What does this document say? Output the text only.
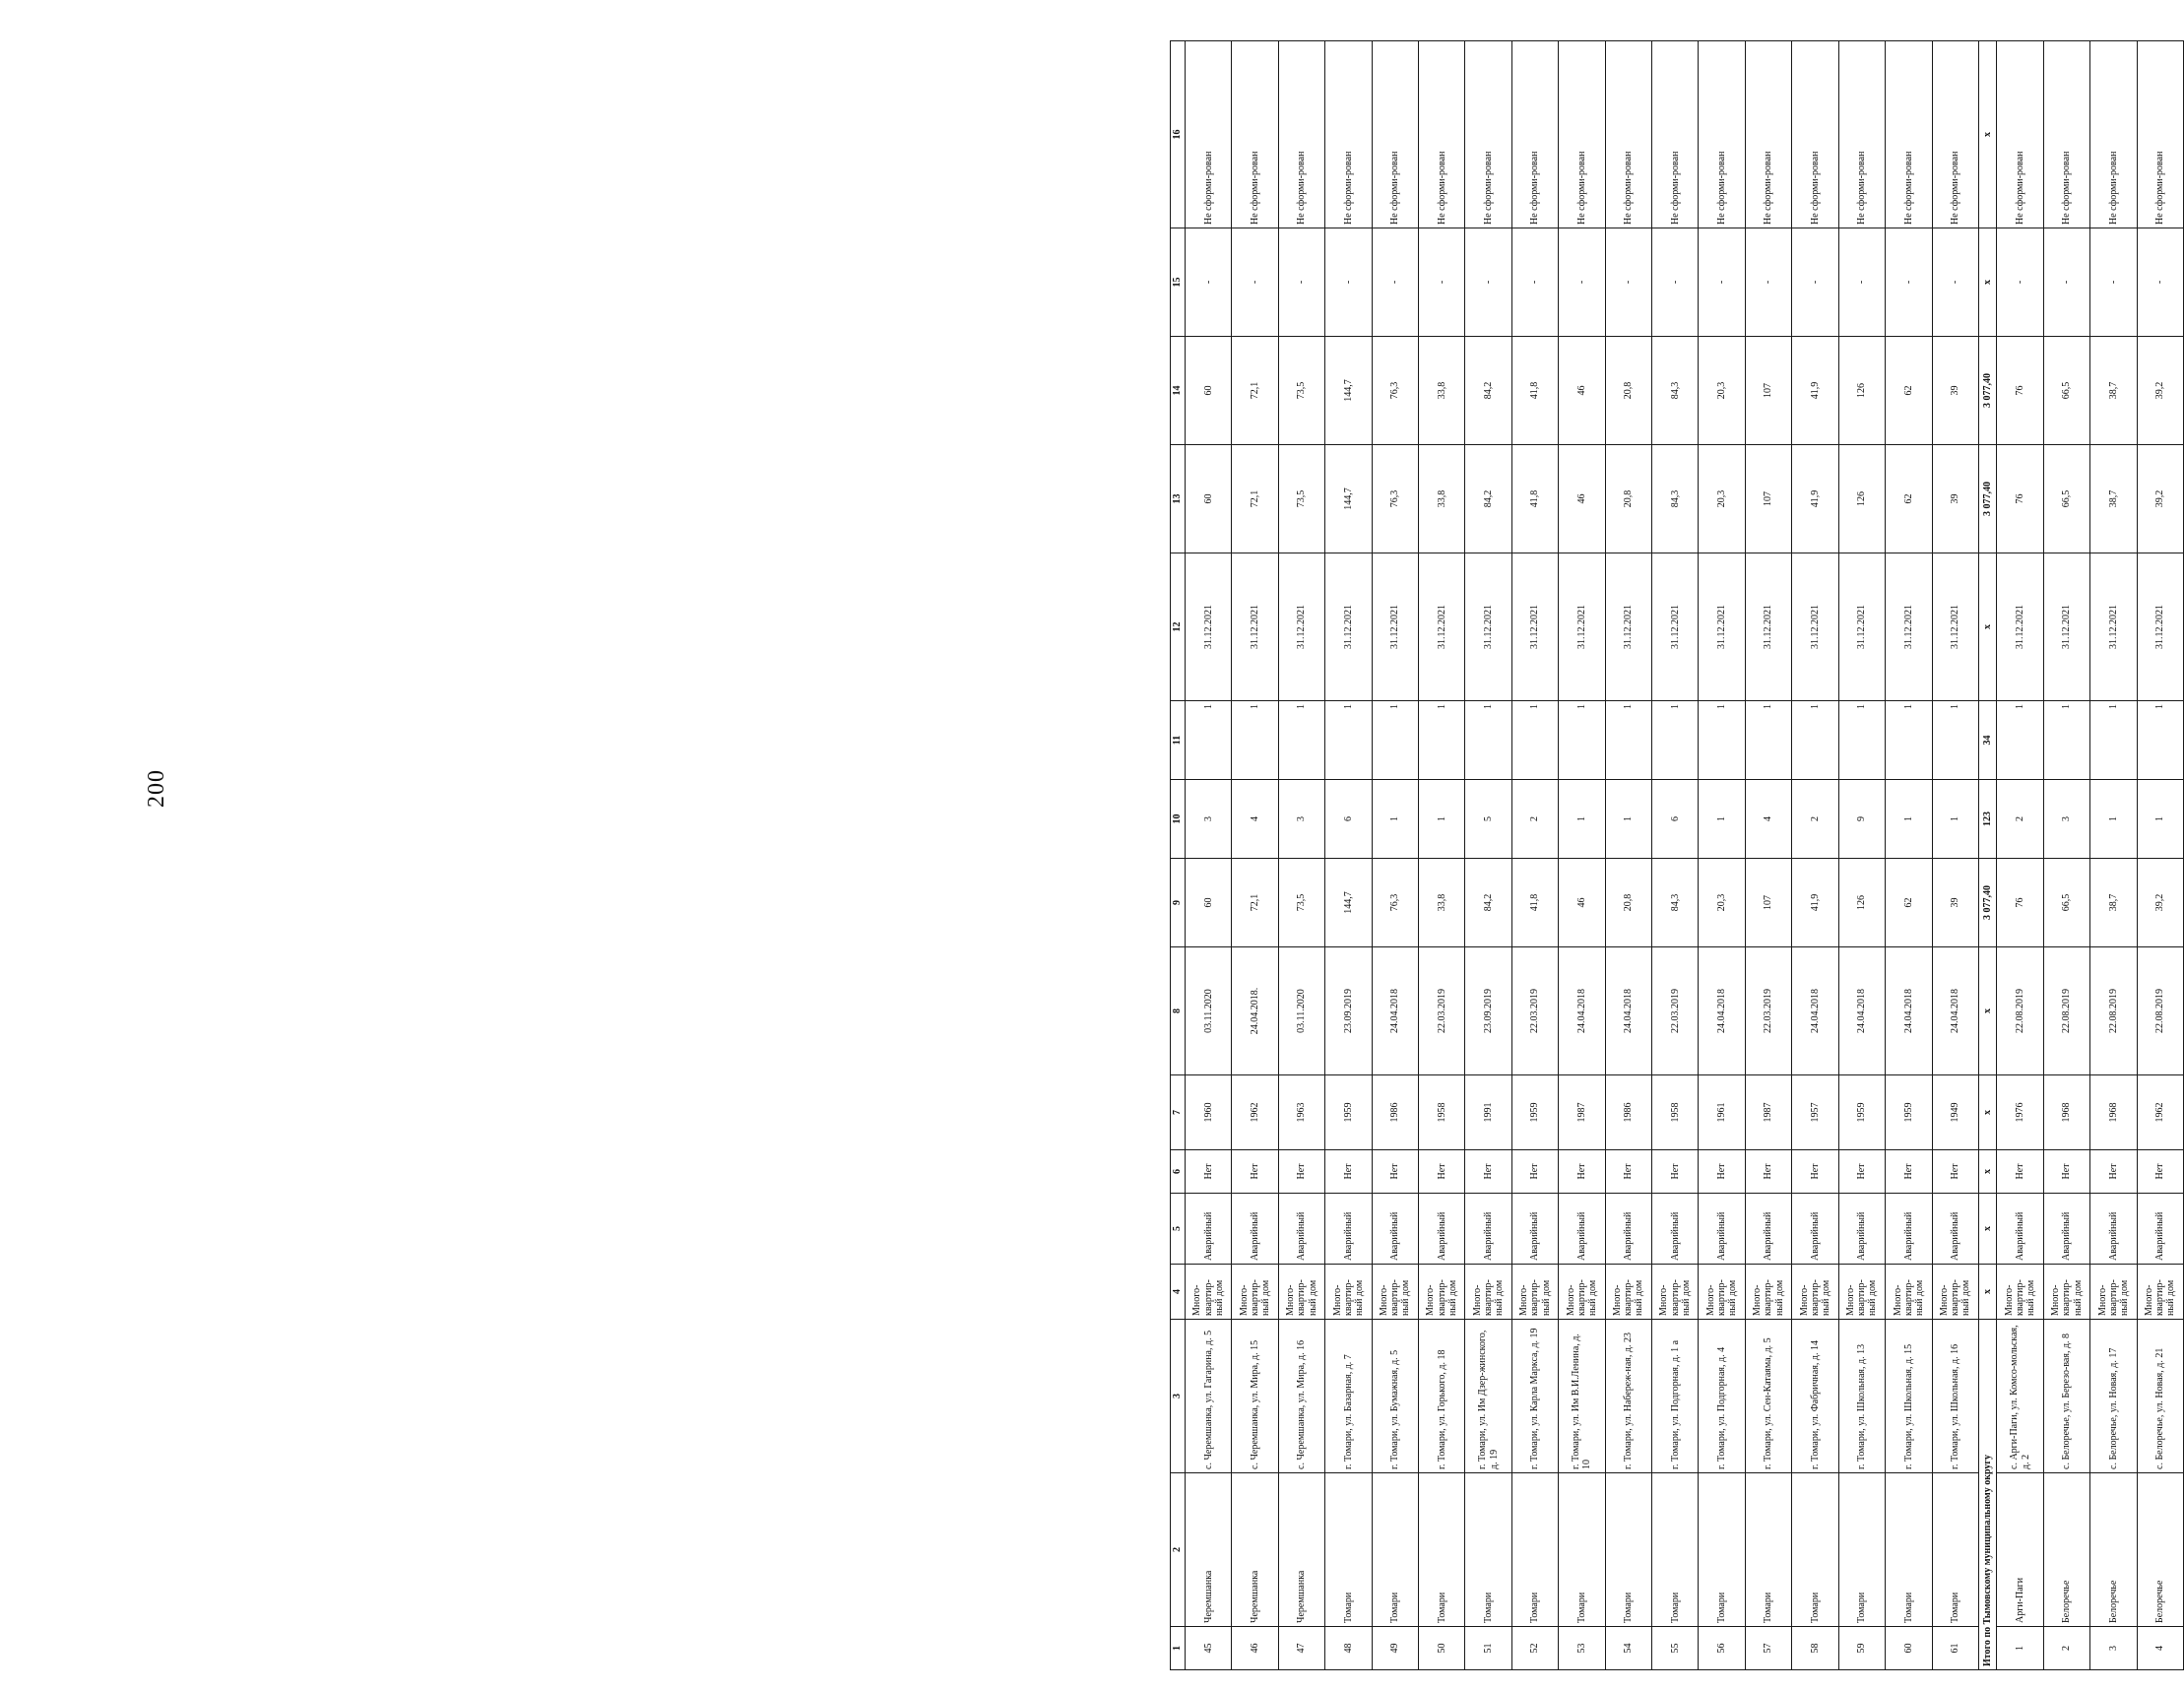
200
1	2	3	4	5	6	7	8	9	10	11	12	13	14	15	16
45	Черемшанка	с. Черемшанка, ул. Гагарина, д. 5	Много-квартир-ный дом	Аварийный	Нет	1960	03.11.2020	60	3	1	31.12.2021	60	60	-	Не сформи-рован
46	Черемшанка	с. Черемшанка, ул. Мира, д. 15	Много-квартир-ный дом	Аварийный	Нет	1962	24.04.2018.	72,1	4	1	31.12.2021	72,1	72,1	-	Не сформи-рован
47	Черемшанка	с. Черемшанка, ул. Мира, д. 16	Много-квартир-ный дом	Аварийный	Нет	1963	03.11.2020	73,5	3	1	31.12.2021	73,5	73,5	-	Не сформи-рован
48	Томари	г. Томари, ул. Базарная, д. 7	Много-квартир-ный дом	Аварийный	Нет	1959	23.09.2019	144,7	6	1	31.12.2021	144,7	144,7	-	Не сформи-рован
49	Томари	г. Томари, ул. Бумажная, д. 5	Много-квартир-ный дом	Аварийный	Нет	1986	24.04.2018	76,3	1	1	31.12.2021	76,3	76,3	-	Не сформи-рован
50	Томари	г. Томари, ул. Горького, д. 18	Много-квартир-ный дом	Аварийный	Нет	1958	22.03.2019	33,8	1	1	31.12.2021	33,8	33,8	-	Не сформи-рован
51	Томари	г. Томари, ул. Им Дзер-жинского, д. 19	Много-квартир-ный дом	Аварийный	Нет	1991	23.09.2019	84,2	5	1	31.12.2021	84,2	84,2	-	Не сформи-рован
52	Томари	г. Томари, ул. Карла Маркса, д. 19	Много-квартир-ный дом	Аварийный	Нет	1959	22.03.2019	41,8	2	1	31.12.2021	41,8	41,8	-	Не сформи-рован
53	Томари	г. Томари, ул. Им В.И.Ленина, д. 10	Много-квартир-ный дом	Аварийный	Нет	1987	24.04.2018	46	1	1	31.12.2021	46	46	-	Не сформи-рован
54	Томари	г. Томари, ул. Набереж-ная, д. 23	Много-квартир-ный дом	Аварийный	Нет	1986	24.04.2018	20,8	1	1	31.12.2021	20,8	20,8	-	Не сформи-рован
55	Томари	г. Томари, ул. Подгорная, д. 1 а	Много-квартир-ный дом	Аварийный	Нет	1958	22.03.2019	84,3	6	1	31.12.2021	84,3	84,3	-	Не сформи-рован
56	Томари	г. Томари, ул. Подгорная, д. 4	Много-квартир-ный дом	Аварийный	Нет	1961	24.04.2018	20,3	1	1	31.12.2021	20,3	20,3	-	Не сформи-рован
57	Томари	г. Томари, ул. Сен-Катаяма, д. 5	Много-квартир-ный дом	Аварийный	Нет	1987	22.03.2019	107	4	1	31.12.2021	107	107	-	Не сформи-рован
58	Томари	г. Томари, ул. Фабричная, д. 14	Много-квартир-ный дом	Аварийный	Нет	1957	24.04.2018	41,9	2	1	31.12.2021	41,9	41,9	-	Не сформи-рован
59	Томари	г. Томари, ул. Школьная, д. 13	Много-квартир-ный дом	Аварийный	Нет	1959	24.04.2018	126	9	1	31.12.2021	126	126	-	Не сформи-рован
60	Томари	г. Томари, ул. Школьная, д. 15	Много-квартир-ный дом	Аварийный	Нет	1959	24.04.2018	62	1	1	31.12.2021	62	62	-	Не сформи-рован
61	Томари	г. Томари, ул. Школьная, д. 16	Много-квартир-ный дом	Аварийный	Нет	1949	24.04.2018	39	1	1	31.12.2021	39	39	-	Не сформи-рован
Итого по Тымовскому муниципальному округу			x	x	x	x	x	3 077,40	123	34	x	3 077,40	3 077,40	x	x
1	Арги-Паги	с. Арги-Паги, ул. Комсо-мольская, д. 2	Много-квартир-ный дом	Аварийный	Нет	1976	22.08.2019	76	2	1	31.12.2021	76	76	-	Не сформи-рован
2	Белоречье	с. Белоречье, ул. Березо-вая, д. 8	Много-квартир-ный дом	Аварийный	Нет	1968	22.08.2019	66,5	3	1	31.12.2021	66,5	66,5	-	Не сформи-рован
3	Белоречье	с. Белоречье, ул. Новая, д. 17	Много-квартир-ный дом	Аварийный	Нет	1968	22.08.2019	38,7	1	1	31.12.2021	38,7	38,7	-	Не сформи-рован
4	Белоречье	с. Белоречье, ул. Новая, д. 21	Много-квартир-ный дом	Аварийный	Нет	1962	22.08.2019	39,2	1	1	31.12.2021	39,2	39,2	-	Не сформи-рован
